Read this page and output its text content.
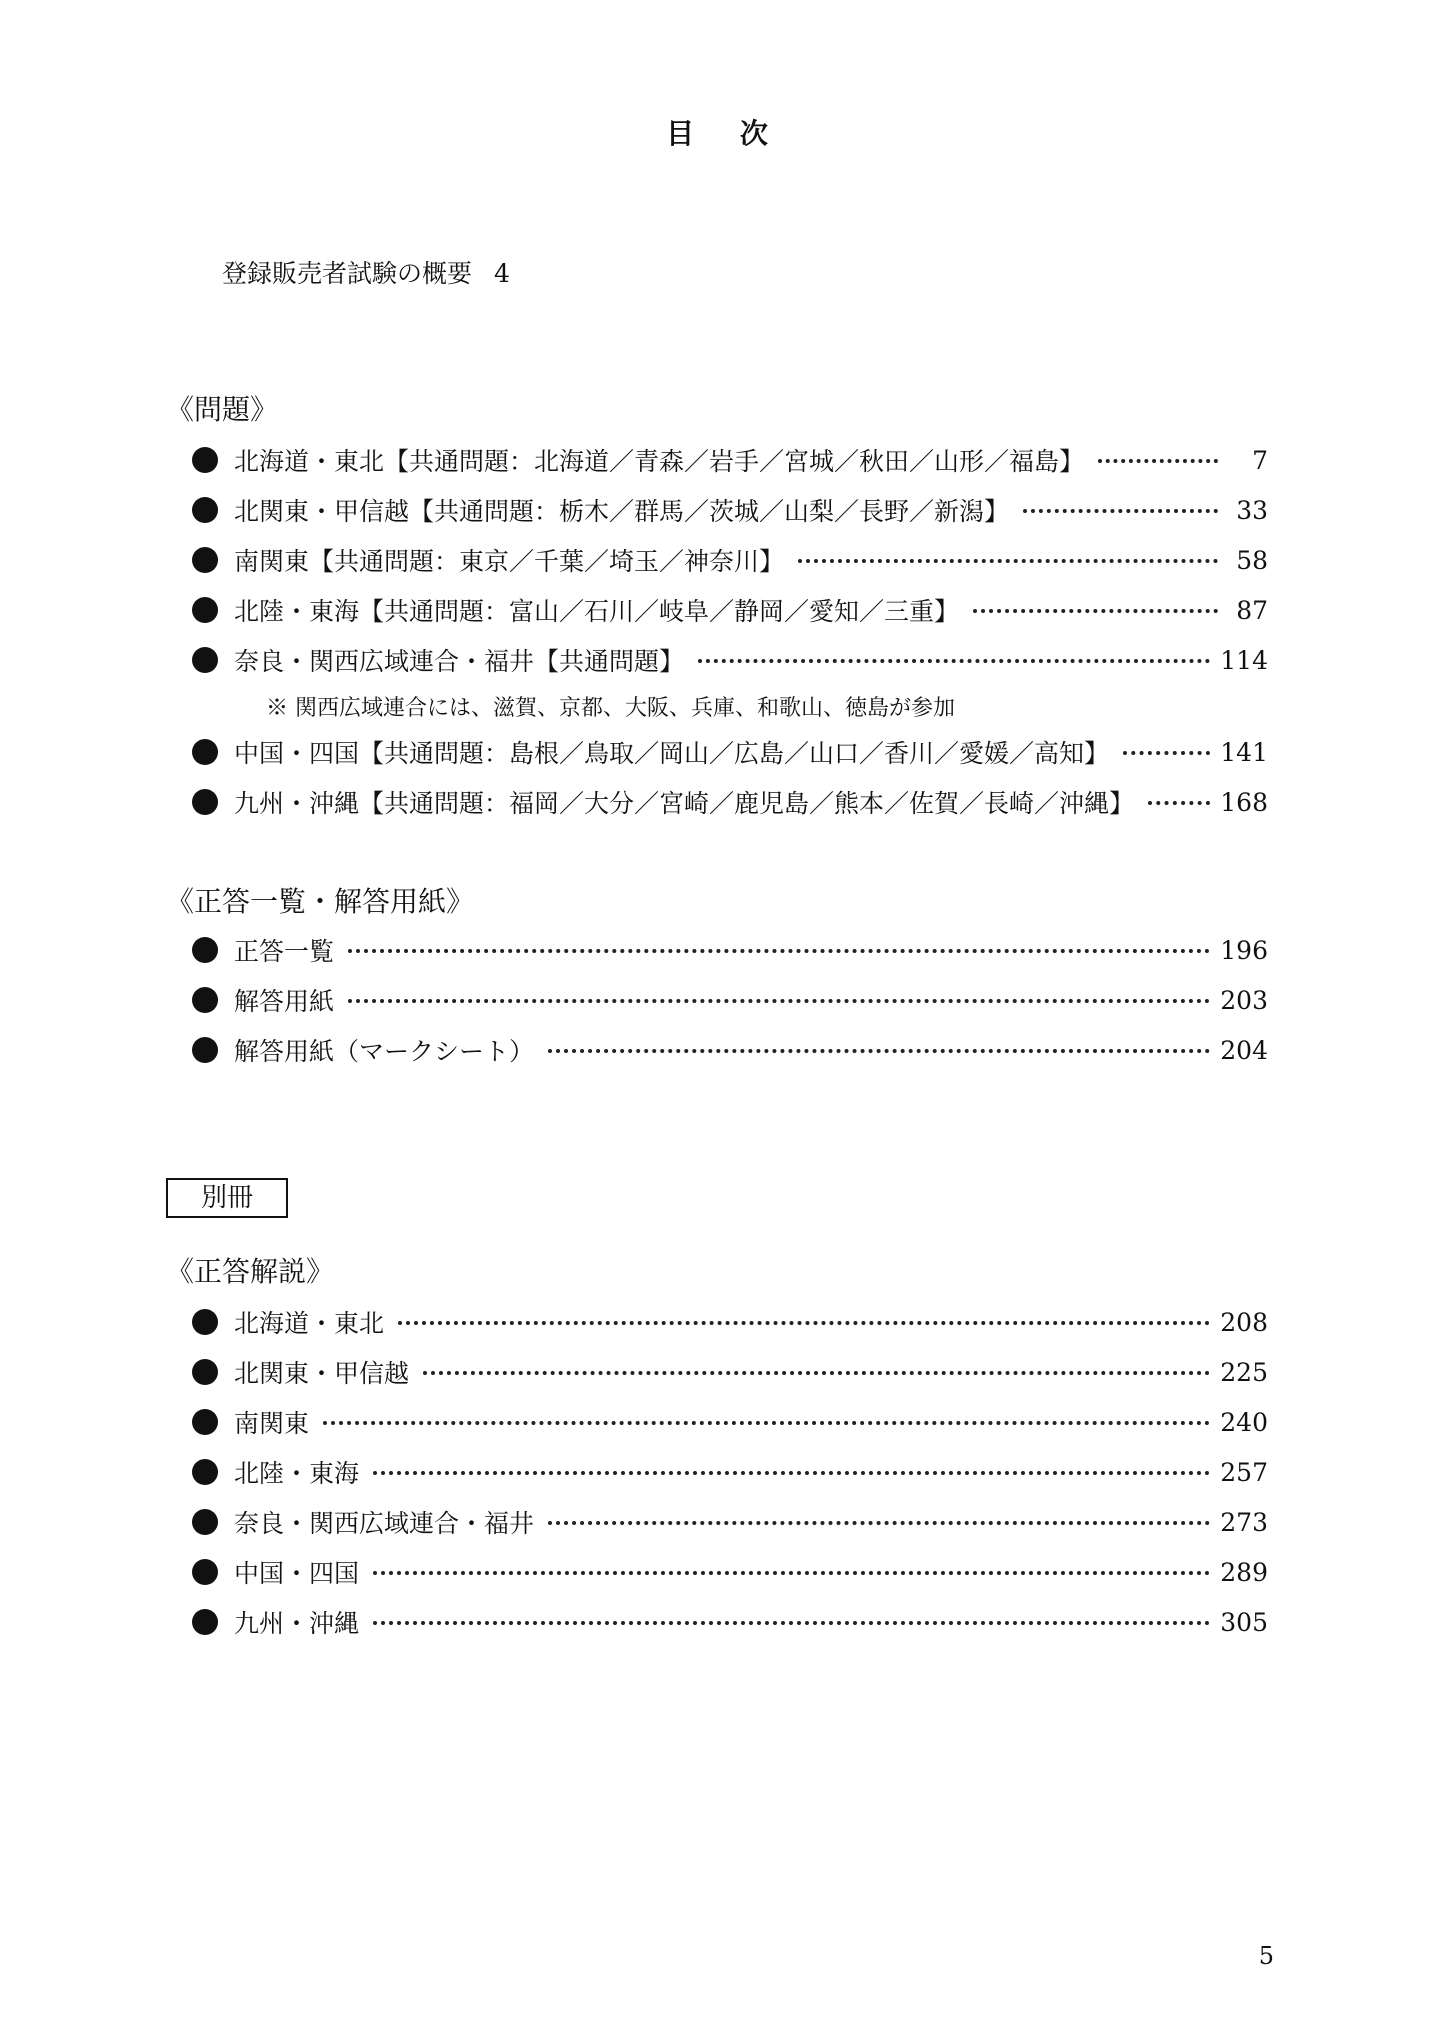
目 次
登録販売者試験の概要 4
《問題》
北海道・東北【共通問題：北海道／青森／岩手／宮城／秋田／山形／福島】	7
北関東・甲信越【共通問題：栃木／群馬／茨城／山梨／長野／新潟】	33
南関東【共通問題：東京／千葉／埼玉／神奈川】	58
北陸・東海【共通問題：富山／石川／岐阜／静岡／愛知／三重】	87
奈良・関西広域連合・福井【共通問題】	114
※ 関西広域連合には、滋賀、京都、大阪、兵庫、和歌山、徳島が参加
中国・四国【共通問題：島根／鳥取／岡山／広島／山口／香川／愛媛／高知】	141
九州・沖縄【共通問題：福岡／大分／宮崎／鹿児島／熊本／佐賀／長崎／沖縄】	168
《正答一覧・解答用紙》
正答一覧	196
解答用紙	203
解答用紙（マークシート）	204
別冊
《正答解説》
北海道・東北	208
北関東・甲信越	225
南関東	240
北陸・東海	257
奈良・関西広域連合・福井	273
中国・四国	289
九州・沖縄	305
5
